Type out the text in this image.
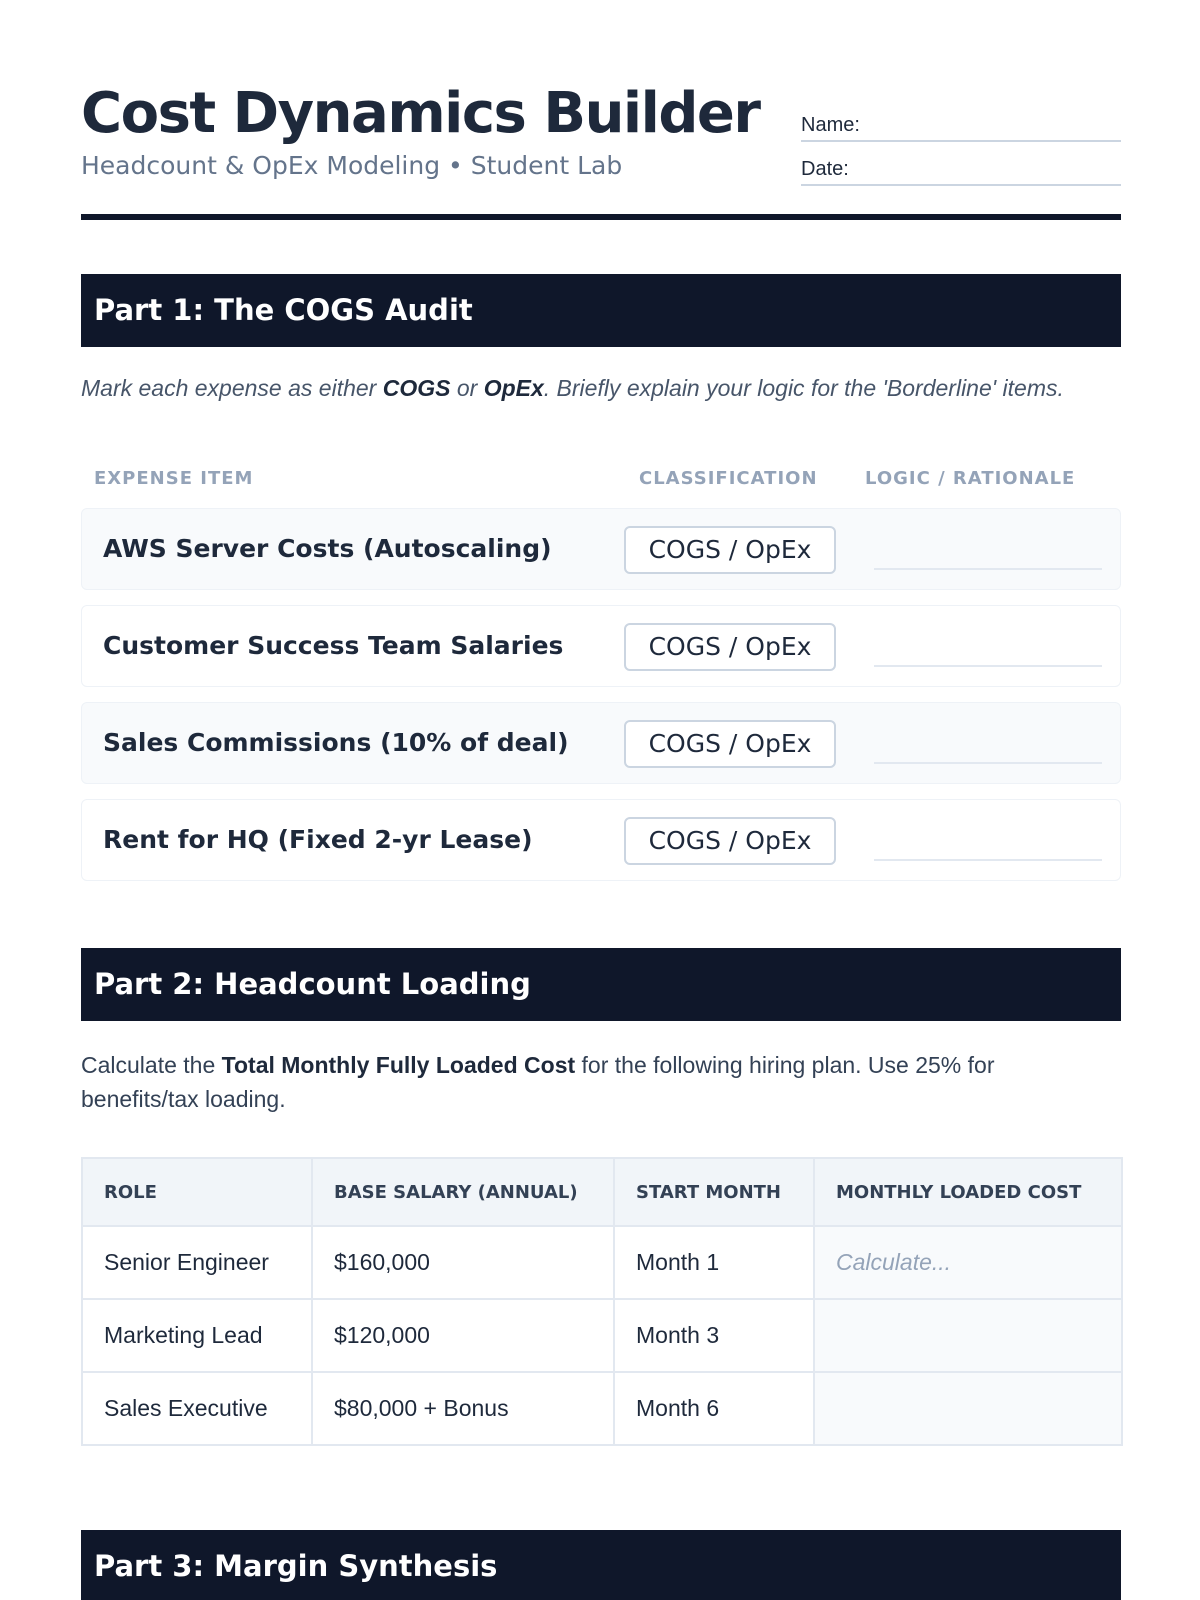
Cost Dynamics Builder
Headcount & OpEx Modeling • Student Lab
Name:
Date:
Part 1: The COGS Audit

Mark each expense as either COGS or OpEx. Briefly explain your logic for the 'Borderline' items.

EXPENSE ITEM	CLASSIFICATION	LOGIC / RATIONALE
AWS Server Costs (Autoscaling)	COGS / OpEx
Customer Success Team Salaries	COGS / OpEx
Sales Commissions (10% of deal)	COGS / OpEx
Rent for HQ (Fixed 2-yr Lease)	COGS / OpEx
Part 2: Headcount Loading

Calculate the Total Monthly Fully Loaded Cost for the following hiring plan. Use 25% for benefits/tax loading.

ROLE	BASE SALARY (ANNUAL)	START MONTH	MONTHLY LOADED COST
Senior Engineer	$160,000	Month 1	Calculate...
Marketing Lead	$120,000	Month 3	
Sales Executive	$80,000 + Bonus	Month 6	
Part 3: Margin Synthesis
